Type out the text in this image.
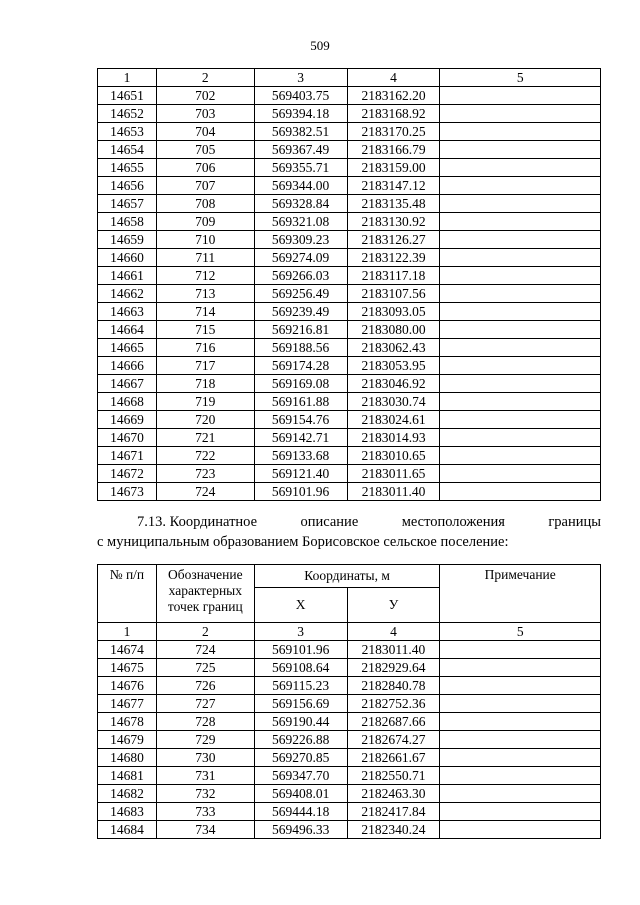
509
1	2	3	4	5
14651	702	569403.75	2183162.20	
14652	703	569394.18	2183168.92	
14653	704	569382.51	2183170.25	
14654	705	569367.49	2183166.79	
14655	706	569355.71	2183159.00	
14656	707	569344.00	2183147.12	
14657	708	569328.84	2183135.48	
14658	709	569321.08	2183130.92	
14659	710	569309.23	2183126.27	
14660	711	569274.09	2183122.39	
14661	712	569266.03	2183117.18	
14662	713	569256.49	2183107.56	
14663	714	569239.49	2183093.05	
14664	715	569216.81	2183080.00	
14665	716	569188.56	2183062.43	
14666	717	569174.28	2183053.95	
14667	718	569169.08	2183046.92	
14668	719	569161.88	2183030.74	
14669	720	569154.76	2183024.61	
14670	721	569142.71	2183014.93	
14671	722	569133.68	2183010.65	
14672	723	569121.40	2183011.65	
14673	724	569101.96	2183011.40	
7.13. Координатное	описание	местоположения	границы
с муниципальным образованием Борисовское сельское поселение:
№ п/п	Обозначение характерных точек границ	Координаты, м		Примечание
		X	У	
1	2	3	4	5
14674	724	569101.96	2183011.40	
14675	725	569108.64	2182929.64	
14676	726	569115.23	2182840.78	
14677	727	569156.69	2182752.36	
14678	728	569190.44	2182687.66	
14679	729	569226.88	2182674.27	
14680	730	569270.85	2182661.67	
14681	731	569347.70	2182550.71	
14682	732	569408.01	2182463.30	
14683	733	569444.18	2182417.84	
14684	734	569496.33	2182340.24	
